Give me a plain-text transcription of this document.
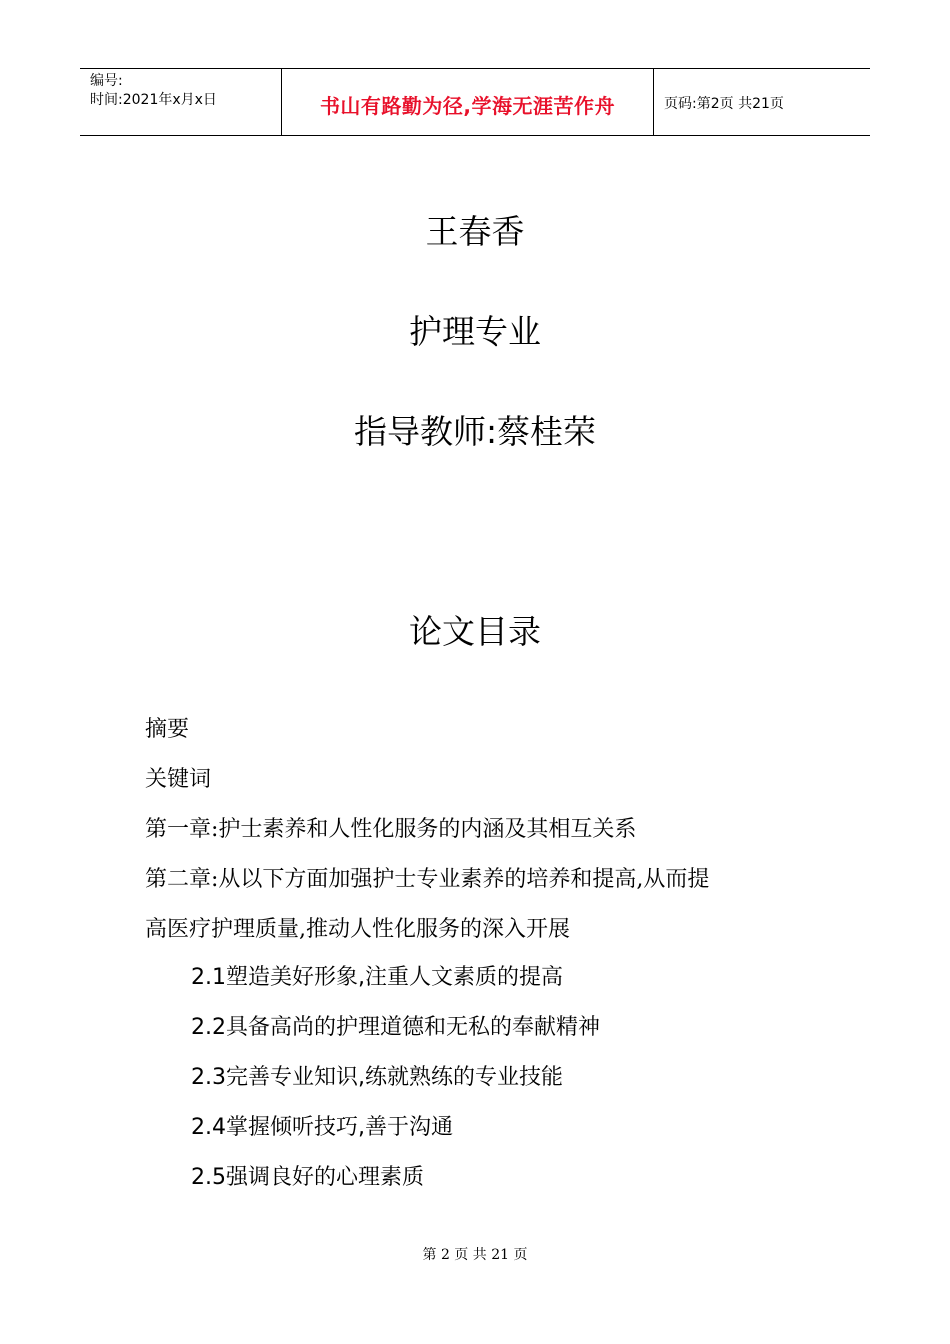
编号:
时间:2021年x月x日	书山有路勤为径,学海无涯苦作舟	页码:第2页 共21页
王春香
护理专业
指导教师:蔡桂荣
论文目录
摘要
关键词
第一章:护士素养和人性化服务的内涵及其相互关系
第二章:从以下方面加强护士专业素养的培养和提高,从而提
高医疗护理质量,推动人性化服务的深入开展
2.1塑造美好形象,注重人文素质的提高
2.2具备高尚的护理道德和无私的奉献精神
2.3完善专业知识,练就熟练的专业技能
2.4掌握倾听技巧,善于沟通
2.5强调良好的心理素质
第 2 页 共 21 页
